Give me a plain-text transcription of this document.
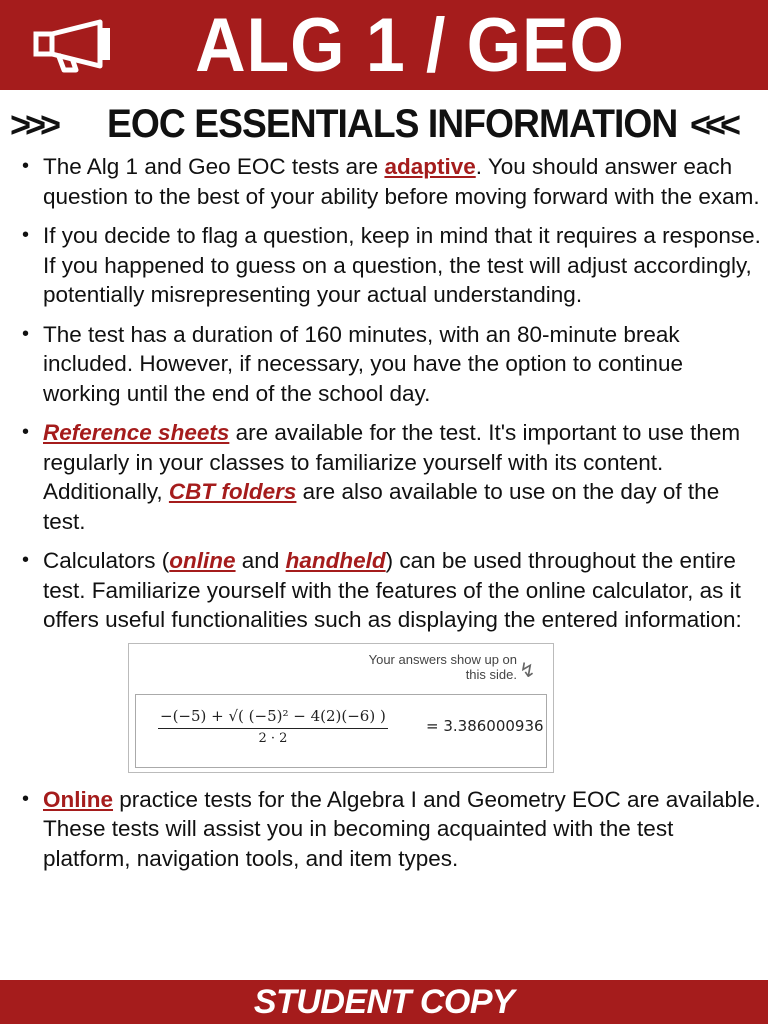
ALG 1 / GEO
>>> EOC ESSENTIALS INFORMATION <<<
• The Alg 1 and Geo EOC tests are adaptive. You should answer each question to the best of your ability before moving forward with the exam.
• If you decide to flag a question, keep in mind that it requires a response. If you happened to guess on a question, the test will adjust accordingly, potentially misrepresenting your actual understanding.
• The test has a duration of 160 minutes, with an 80-minute break included. However, if necessary, you have the option to continue working until the end of the school day.
• Reference sheets are available for the test. It's important to use them regularly in your classes to familiarize yourself with its content. Additionally, CBT folders are also available to use on the day of the test.
• Calculators (online and handheld) can be used throughout the entire test. Familiarize yourself with the features of the online calculator, as it offers useful functionalities such as displaying the entered information:
Your answers show up on this side. ↯
$\frac{\text{−(−5) + √( (−5)² − 4(2)(−6) )}}{2 \cdot 2}$	= 3.386000936
• Online practice tests for the Algebra I and Geometry EOC are available. These tests will assist you in becoming acquainted with the test platform, navigation tools, and item types.
STUDENT COPY
